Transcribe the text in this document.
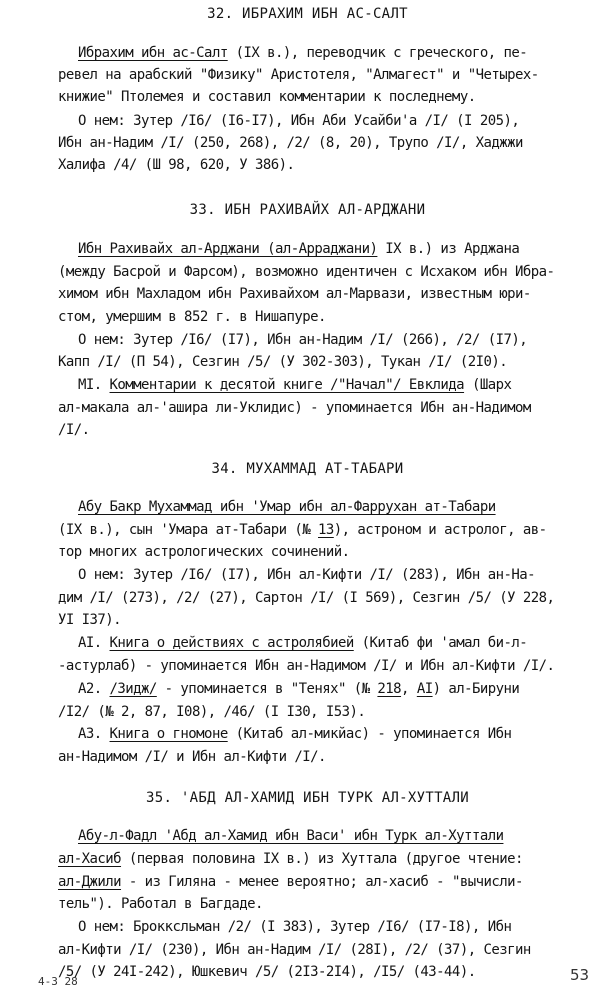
32. ИБРАХИМ ИБН АС-САЛТ
Ибрахим ибн ас-Салт (IX в.), переводчик с греческого, пе-
ревел на арабский "Физику" Аристотеля, "Алмагест" и "Четырех-
книжие" Птолемея и составил комментарии к последнему.
О нем: Зутер /I6/ (I6-I7), Ибн Аби Усайби'а /I/ (I 205),
Ибн ан-Надим /I/ (250, 268), /2/ (8, 20), Трупо /I/, Хаджжи
Халифа /4/ (Ш 98, 620, У 386).
33. ИБН РАХИВАЙХ АЛ-АРДЖАНИ
Ибн Рахивайх ал-Арджани (ал-Арраджани) IX в.) из Арджана
(между Басрой и Фарсом), возможно идентичен с Исхаком ибн Ибра-
химом ибн Махладом ибн Рахивайхом ал-Марвази, известным юри-
стом, умершим в 852 г. в Нишапуре.
О нем: Зутер /I6/ (I7), Ибн ан-Надим /I/ (266), /2/ (I7),
Капп /I/ (П 54), Сезгин /5/ (У 302-303), Тукан /I/ (2I0).
MI. Комментарии к десятой книге /"Начал"/ Евклида (Шарх
ал-макала ал-'ашира ли-Уклидис) - упоминается Ибн ан-Надимом
/I/.
34. МУХАММАД АТ-ТАБАРИ
Абу Бакр Мухаммад ибн 'Умар ибн ал-Фаррухан ат-Табари
(IX в.), сын 'Умара ат-Табари (№ 13), астроном и астролог, ав-
тор многих астрологических сочинений.
О нем: Зутер /I6/ (I7), Ибн ал-Кифти /I/ (283), Ибн ан-На-
дим /I/ (273), /2/ (27), Сартон /I/ (I 569), Сезгин /5/ (У 228,
УI I37).
AI. Книга о действиях с астролябией (Китаб фи 'амал би-л-
-астурлаб) - упоминается Ибн ан-Надимом /I/ и Ибн ал-Кифти /I/.
A2. /Зидж/ - упоминается в "Тенях" (№ 218, AI) ал-Бируни
/I2/ (№ 2, 87, I08), /46/ (I I30, I53).
A3. Книга о гномоне (Китаб ал-микйас) - упоминается Ибн
ан-Надимом /I/ и Ибн ал-Кифти /I/.
35. 'АБД АЛ-ХАМИД ИБН ТУРК АЛ-ХУТТАЛИ
Абу-л-Фадл 'Абд ал-Хамид ибн Васи' ибн Турк ал-Хуттали
ал-Хасиб (первая половина IX в.) из Хуттала (другое чтение:
ал-Джили - из Гиляна - менее вероятно; ал-хасиб - "вычисли-
тель"). Работал в Багдаде.
О нем: Брокксльман /2/ (I 383), Зутер /I6/ (I7-I8), Ибн
ал-Кифти /I/ (230), Ибн ан-Надим /I/ (28I), /2/ (37), Сезгин
/5/ (У 24I-242), Юшкевич /5/ (2I3-2I4), /I5/ (43-44).
4-3 28	53
